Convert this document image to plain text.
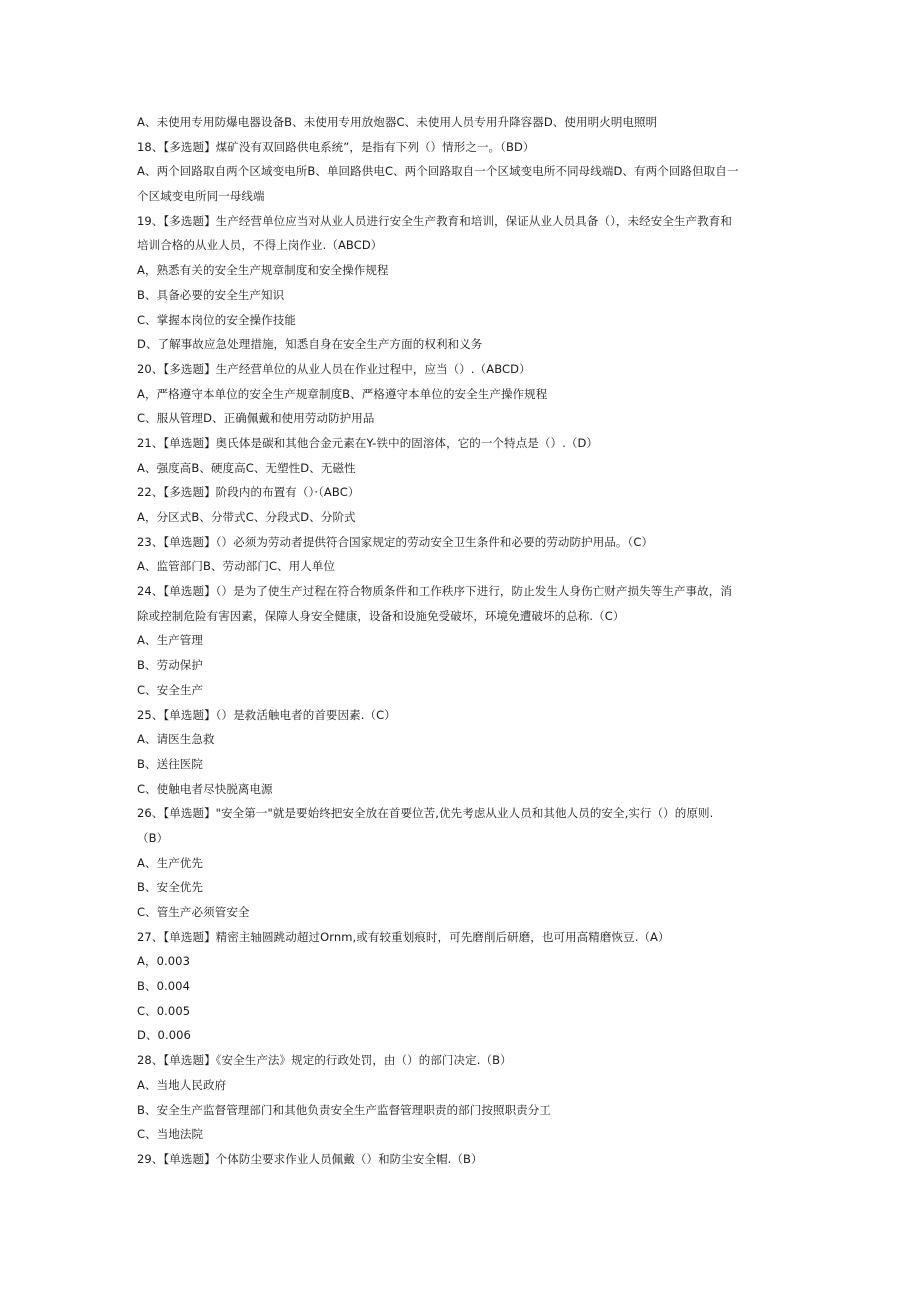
A、未使用专用防爆电器设备B、未使用专用放炮器C、未使用人员专用升降容器D、使用明火明电照明
18、【多选题】煤矿没有双回路供电系统”，是指有下列（）情形之一。（BD）
A、两个回路取自两个区域变电所B、单回路供电C、两个回路取自一个区域变电所不同母线端D、有两个回路但取自一
个区域变电所同一母线端
19、【多选题】生产经营单位应当对从业人员进行安全生产教育和培训，保证从业人员具备（），未经安全生产教育和
培训合格的从业人员，不得上岗作业.（ABCD）
A，熟悉有关的安全生产规章制度和安全操作规程
B、具备必要的安全生产知识
C、掌握本岗位的安全操作技能
D、了解事故应急处理措施，知悉自身在安全生产方面的权利和义务
20、【多选题】生产经营单位的从业人员在作业过程中，应当（）.（ABCD）
A，严格遵守本单位的安全生产规章制度B、严格遵守本单位的安全生产操作规程
C、服从管理D、正确佩戴和使用劳动防护用品
21、【单选题】奥氏体是碳和其他合金元素在Y-铁中的固溶体，它的一个特点是（）.（D）
A、强度高B、硬度高C、无塑性D、无磁性
22、【多选题】阶段内的布置有（）·（ABC）
A，分区式B、分带式C、分段式D、分阶式
23、【单选题】（）必须为劳动者提供符合国家规定的劳动安全卫生条件和必要的劳动防护用品。（C）
A、监管部门B、劳动部门C、用人单位
24、【单选题】（）是为了使生产过程在符合物质条件和工作秩序下进行，防止发生人身伤亡财产损失等生产事故，消
除或控制危险有害因素，保障人身安全健康，设备和设施免受破坏，环境免遭破坏的总称.（C）
A、生产管理
B、劳动保护
C、安全生产
25、【单选题】（）是救活触电者的首要因素.（C）
A、请医生急救
B、送往医院
C、使触电者尽快脱离电源
26、【单选题】"安全第一"就是要始终把安全放在首要位苦,优先考虑从业人员和其他人员的安全,实行（）的原则.
（B）
A、生产优先
B、安全优先
C、管生产必须管安全
27、【单选题】精密主轴圆跳动超过Ornm,或有较重划痕时，可先磨削后研磨，也可用高精磨恢豆.（A）
A，0.003
B、0.004
C、0.005
D、0.006
28、【单选题】《安全生产法》规定的行政处罚，由（）的部门决定.（B）
A、当地人民政府
B、安全生产监督管理部门和其他负责安全生产监督管理职责的部门按照职责分工
C、当地法院
29、【单选题】个体防尘要求作业人员佩戴（）和防尘安全帽.（B）
